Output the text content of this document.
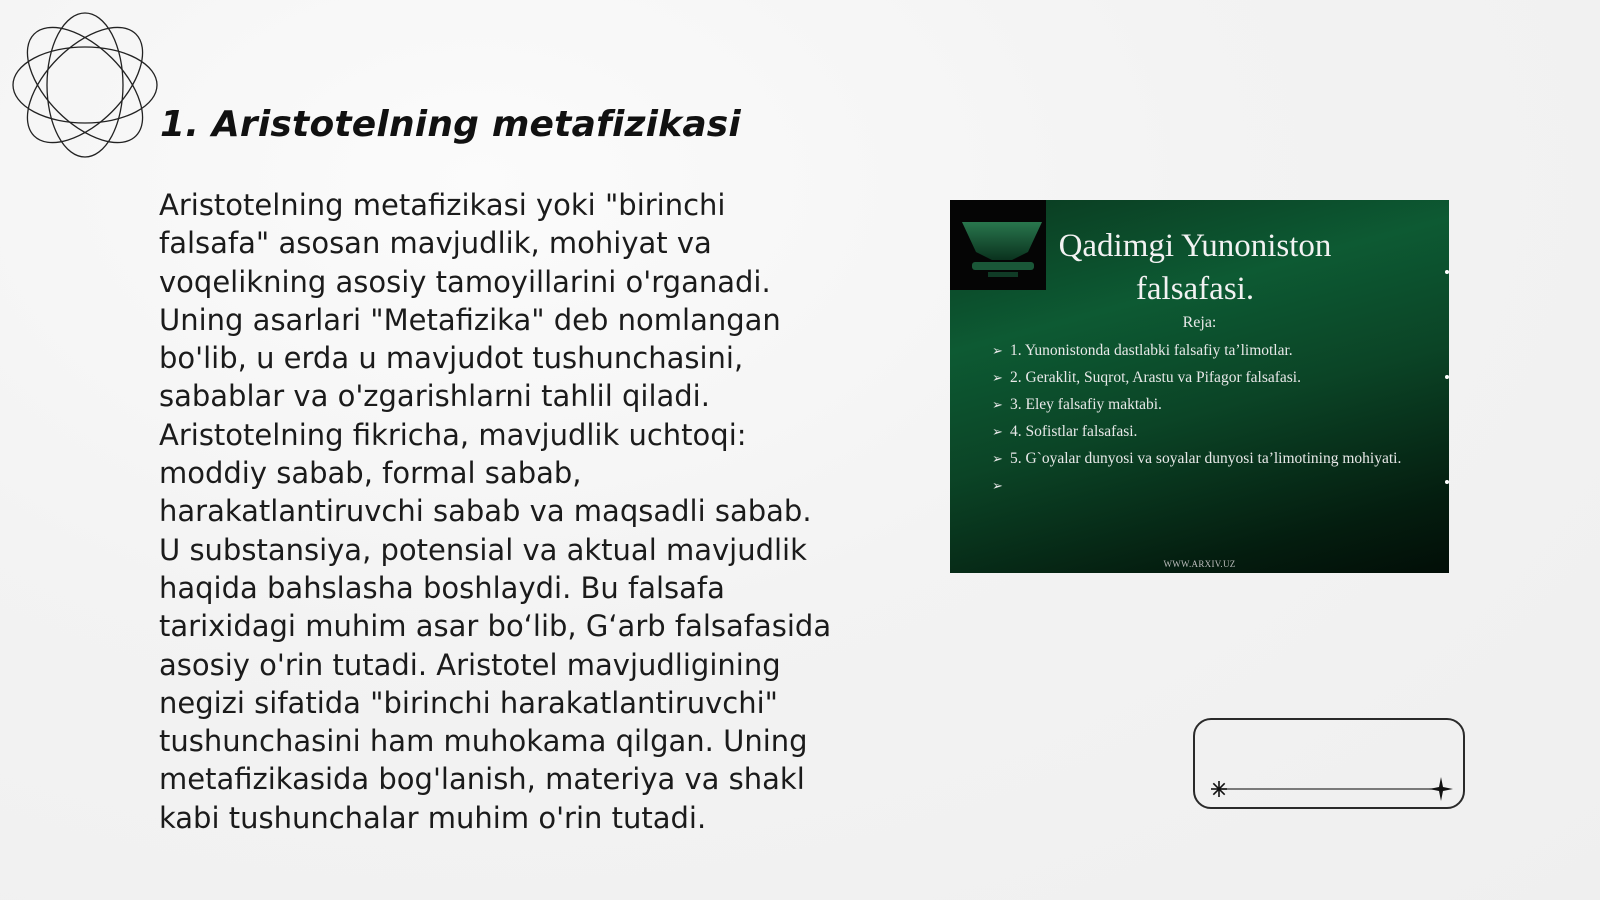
1. Aristotelning metafizikasi

Aristotelning metafizikasi yoki "birinchi falsafa" asosan mavjudlik, mohiyat va voqelikning asosiy tamoyillarini o'rganadi. Uning asarlari "Metafizika" deb nomlangan bo'lib, u erda u mavjudot tushunchasini, sabablar va o'zgarishlarni tahlil qiladi. Aristotelning fikricha, mavjudlik uchtoqi: moddiy sabab, formal sabab, harakatlantiruvchi sabab va maqsadli sabab. U substansiya, potensial va aktual mavjudlik haqida bahslasha boshlaydi. Bu falsafa tarixidagi muhim asar bo‘lib, G‘arb falsafasida asosiy o'rin tutadi. Aristotel mavjudligining negizi sifatida "birinchi harakatlantiruvchi" tushunchasini ham muhokama qilgan. Uning metafizikasida bog'lanish, materiya va shakl kabi tushunchalar muhim o'rin tutadi.

Qadimgi Yunoniston
falsafasi.
Reja:
➢ 1. Yunonistonda dastlabki falsafiy ta’limotlar.
➢ 2. Geraklit, Suqrot, Arastu va Pifagor falsafasi.
➢ 3. Eley falsafiy maktabi.
➢ 4. Sofistlar falsafasi.
➢ 5. G`oyalar dunyosi va soyalar dunyosi ta’limotining mohiyati.
➢
WWW.ARXIV.UZ
